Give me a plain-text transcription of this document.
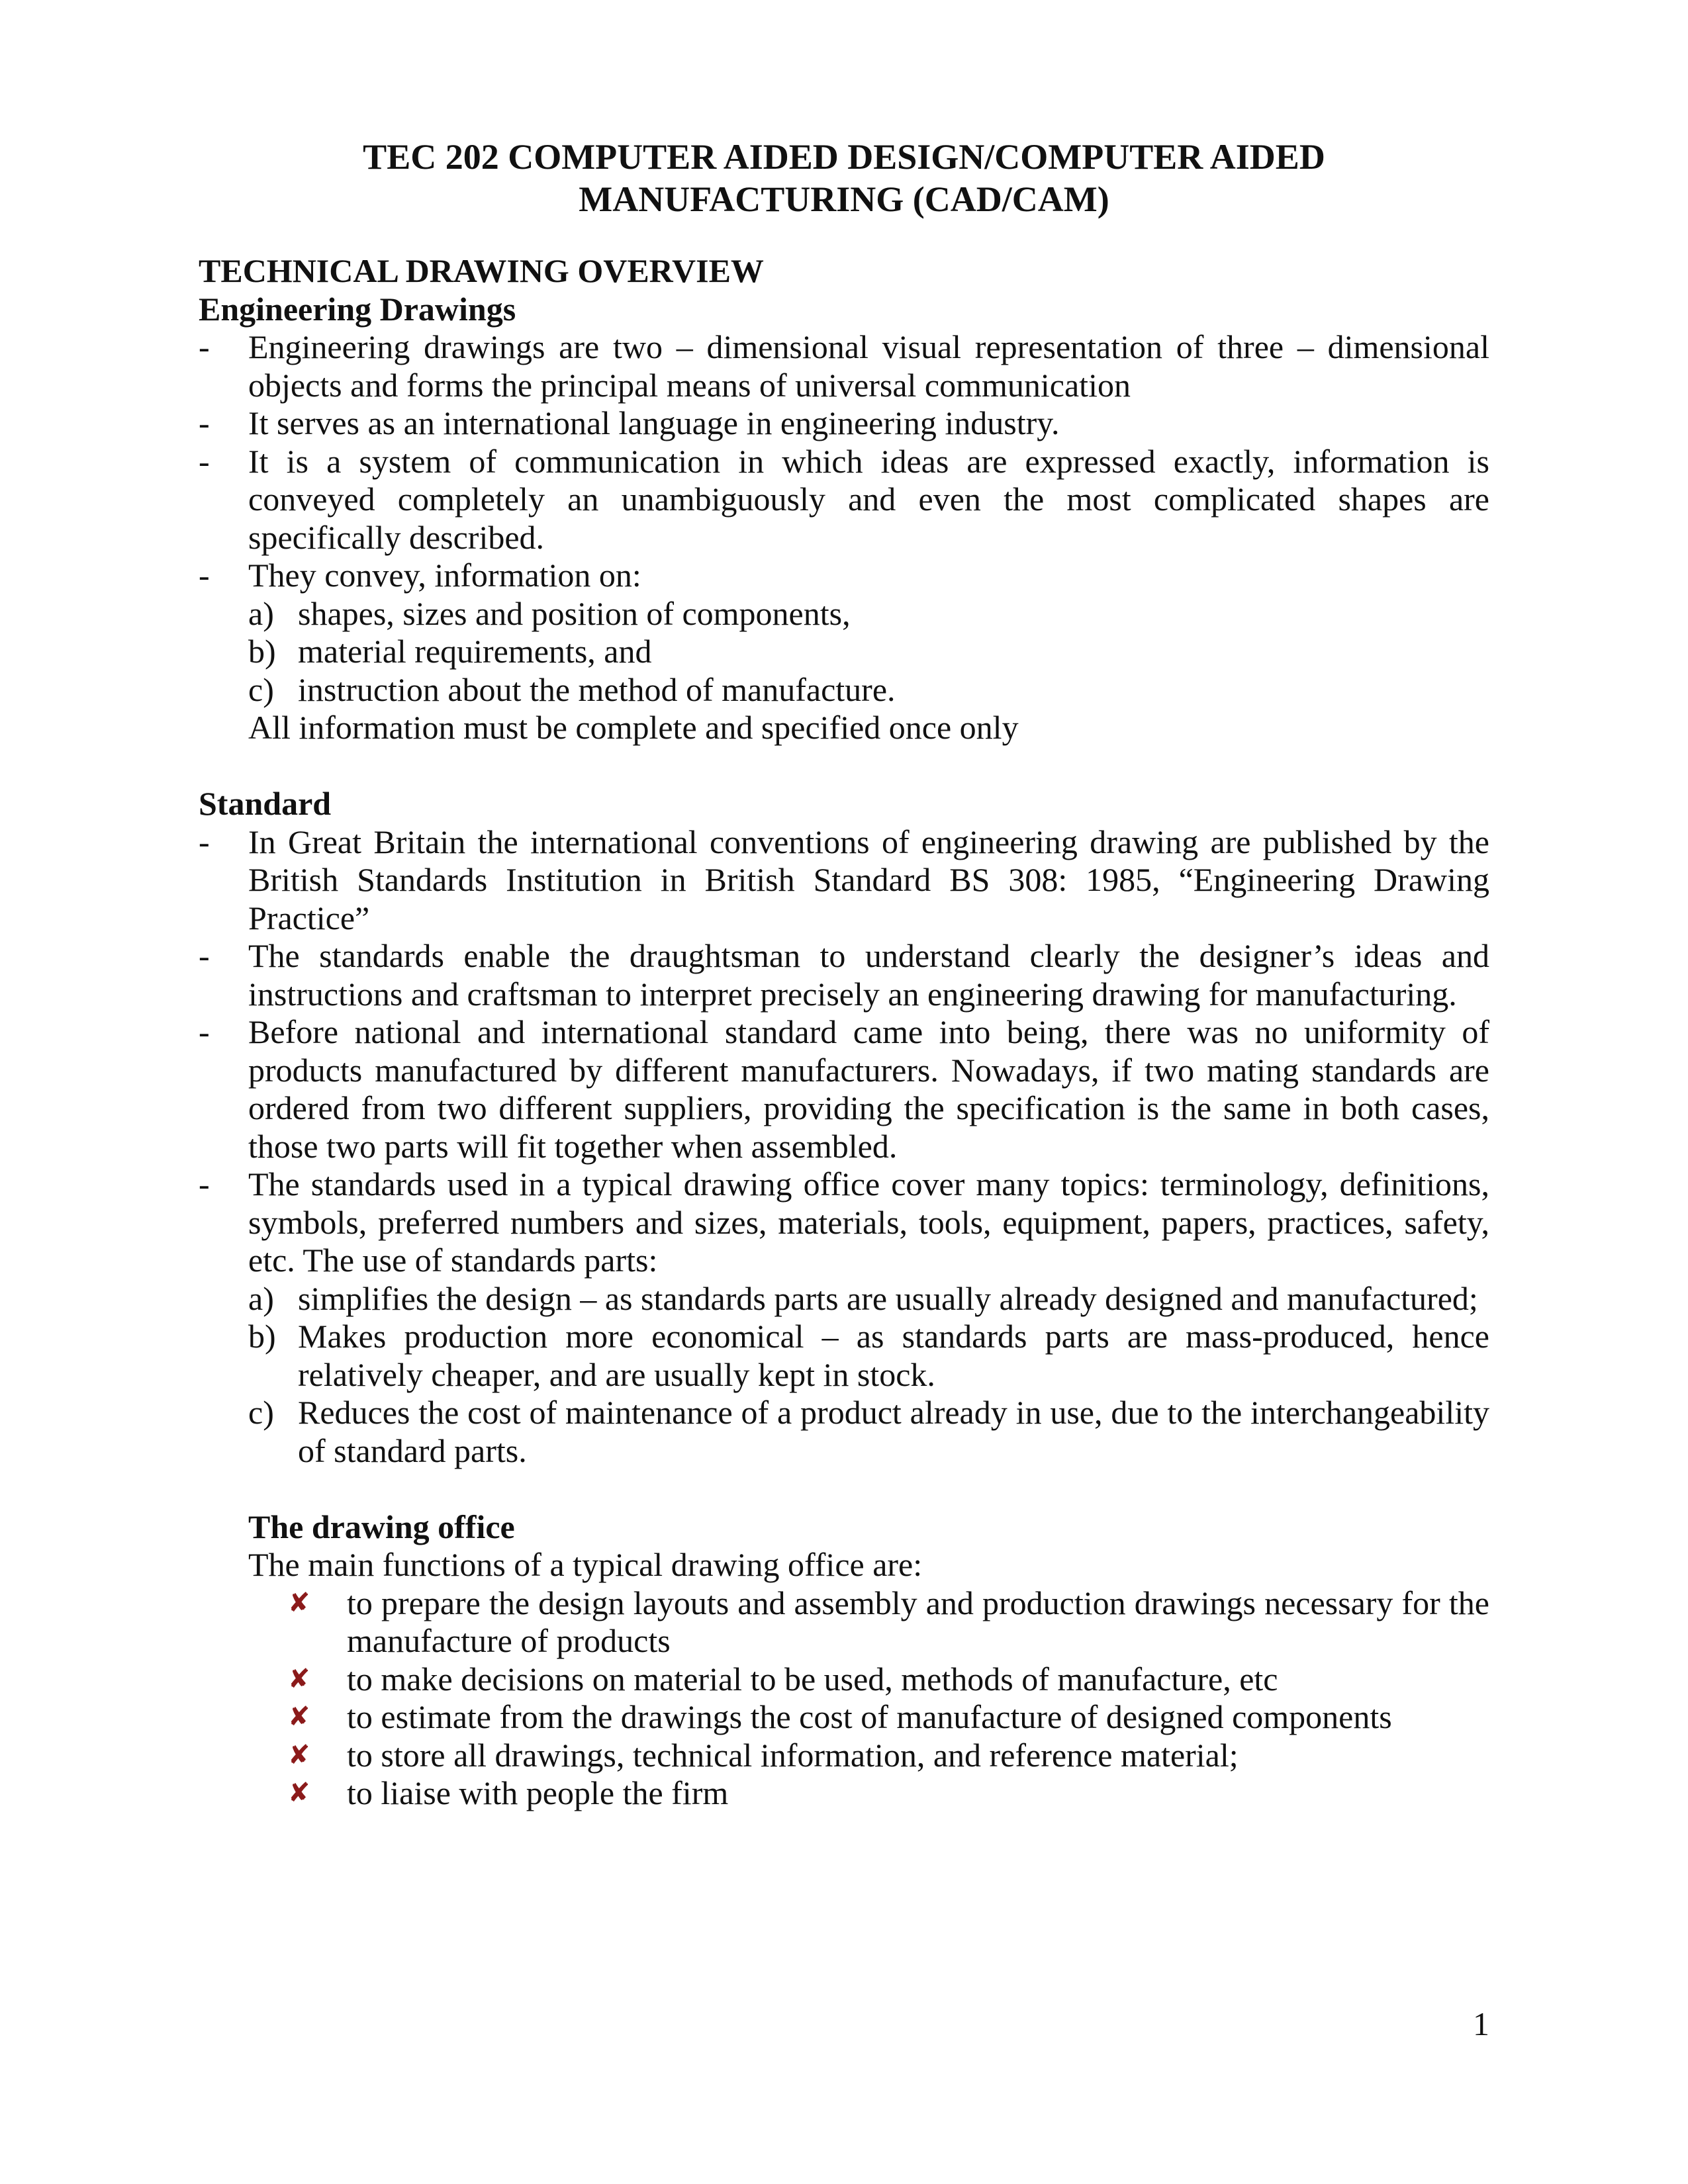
TEC 202 COMPUTER AIDED DESIGN/COMPUTER AIDED
MANUFACTURING (CAD/CAM)
TECHNICAL DRAWING OVERVIEW
Engineering Drawings
-	Engineering drawings are two – dimensional visual representation of three – dimensional objects and forms the principal means of universal communication
-	It serves as an international language in engineering industry.
-	It is a system of communication in which ideas are expressed exactly, information is conveyed completely an unambiguously and even the most complicated shapes are specifically described.
-	They convey, information on:
a) shapes, sizes and position of components,
b) material requirements, and
c) instruction about the method of manufacture.
All information must be complete and specified once only
Standard
-	In Great Britain the international conventions of engineering drawing are published by the British Standards Institution in British Standard BS 308: 1985, “Engineering Drawing Practice”
-	The standards enable the draughtsman to understand clearly the designer’s ideas and instructions and craftsman to interpret precisely an engineering drawing for manufacturing.
-	Before national and international standard came into being, there was no uniformity of products manufactured by different manufacturers. Nowadays, if two mating standards are ordered from two different suppliers, providing the specification is the same in both cases, those two parts will fit together when assembled.
-	The standards used in a typical drawing office cover many topics: terminology, definitions, symbols, preferred numbers and sizes, materials, tools, equipment, papers, practices, safety, etc. The use of standards parts:
a) simplifies the design – as standards parts are usually already designed and manufactured;
b) Makes production more economical – as standards parts are mass-produced, hence relatively cheaper, and are usually kept in stock.
c) Reduces the cost of maintenance of a product already in use, due to the interchangeability of standard parts.
The drawing office
The main functions of a typical drawing office are:
✘	to prepare the design layouts and assembly and production drawings necessary for the manufacture of products
✘	to make decisions on material to be used, methods of manufacture, etc
✘	to estimate from the drawings the cost of manufacture of designed components
✘	to store all drawings, technical information, and reference material;
✘	to liaise with people the firm
1
